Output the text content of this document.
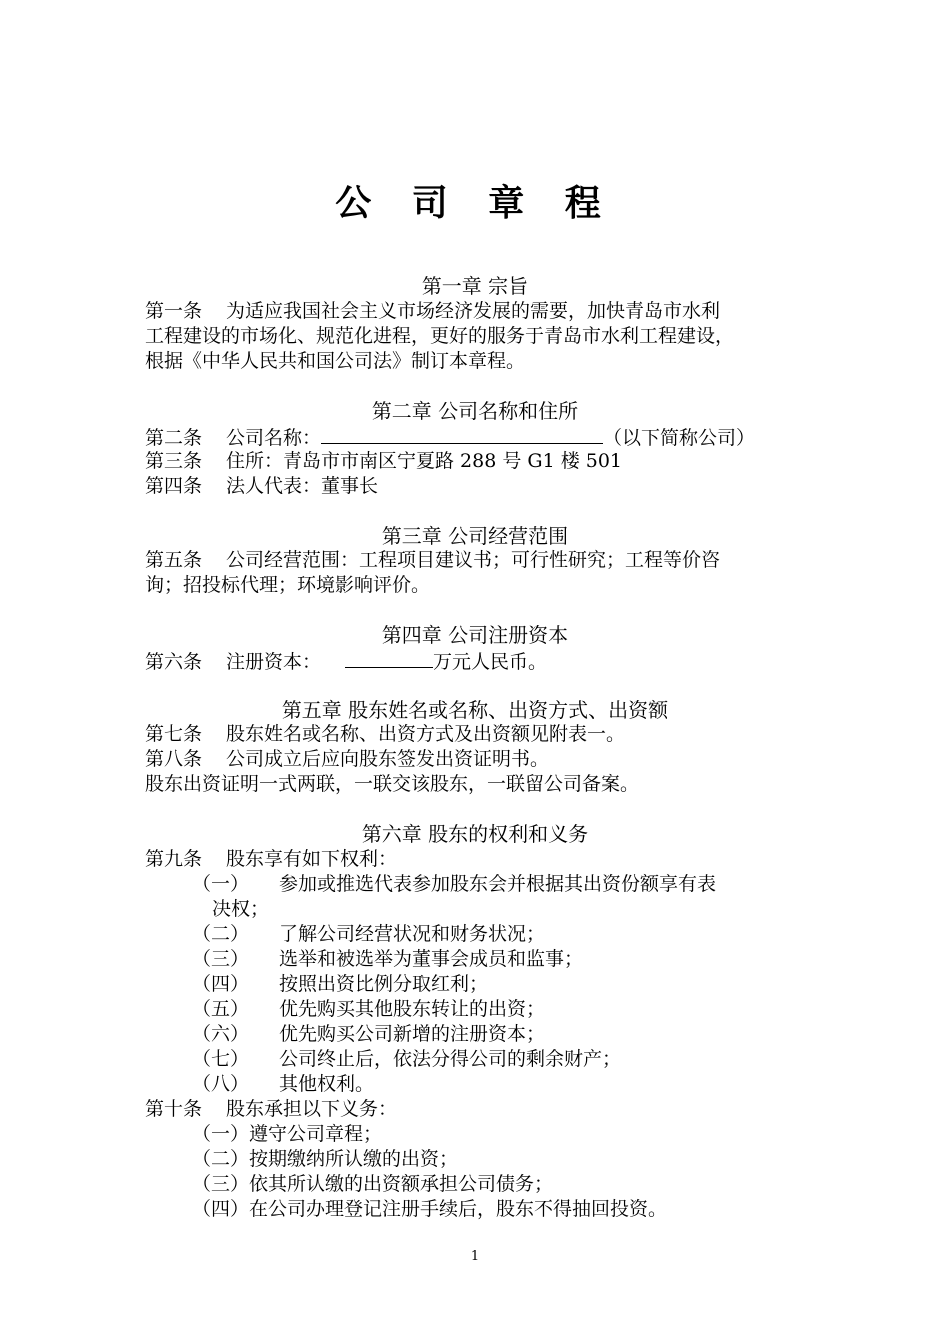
公 司 章 程
第一章 宗旨
第一条 为适应我国社会主义市场经济发展的需要，加快青岛市水利
工程建设的市场化、规范化进程，更好的服务于青岛市水利工程建设，
根据《中华人民共和国公司法》制订本章程。
第二章 公司名称和住所
第二条 公司名称：	（以下简称公司）
第三条 住所：青岛市市南区宁夏路 288 号 G1 楼 501
第四条 法人代表：董事长
第三章 公司经营范围
第五条 公司经营范围：工程项目建议书；可行性研究；工程等价咨
询；招投标代理；环境影响评价。
第四章 公司注册资本
第六条 注册资本：	万元人民币。
第五章 股东姓名或名称、出资方式、出资额
第七条 股东姓名或名称、出资方式及出资额见附表一。
第八条 公司成立后应向股东签发出资证明书。
股东出资证明一式两联，一联交该股东，一联留公司备案。
第六章 股东的权利和义务
第九条 股东享有如下权利：
（一） 参加或推选代表参加股东会并根据其出资份额享有表
决权；
（二） 了解公司经营状况和财务状况；
（三） 选举和被选举为董事会成员和监事；
（四） 按照出资比例分取红利；
（五） 优先购买其他股东转让的出资；
（六） 优先购买公司新增的注册资本；
（七） 公司终止后，依法分得公司的剩余财产；
（八） 其他权利。
第十条 股东承担以下义务：
（一）遵守公司章程；
（二）按期缴纳所认缴的出资；
（三）依其所认缴的出资额承担公司债务；
（四）在公司办理登记注册手续后，股东不得抽回投资。
1
